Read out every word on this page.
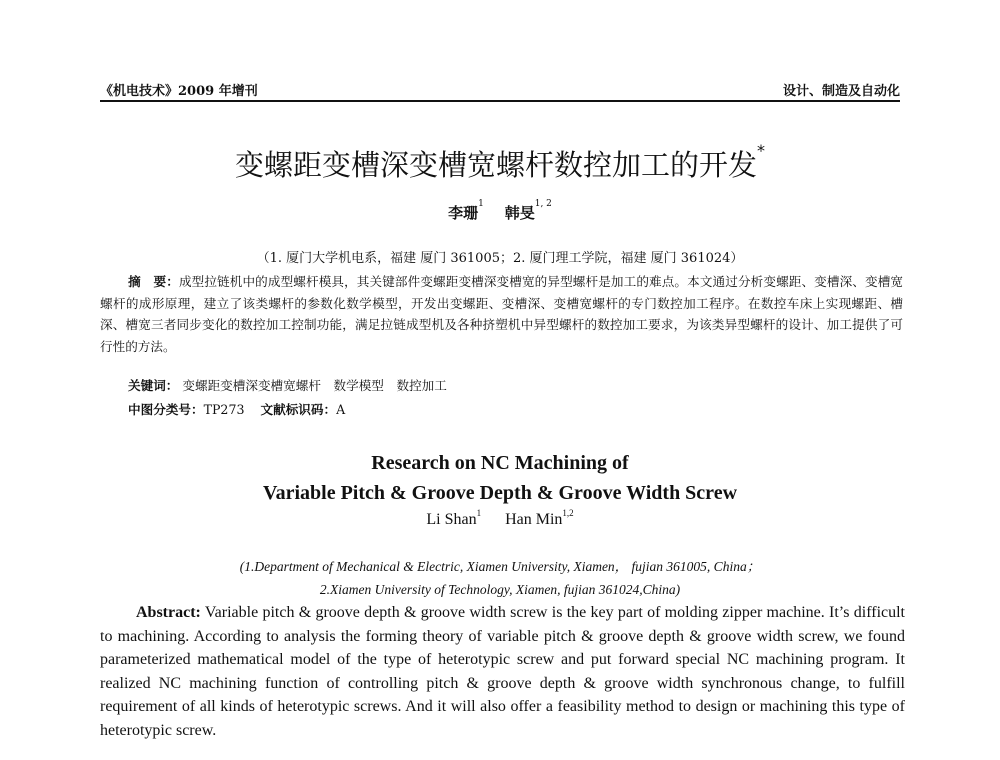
《机电技术》2009 年增刊	设计、制造及自动化
变螺距变槽深变槽宽螺杆数控加工的开发*
李珊$^1$ 韩旻$^{1, 2}$
（1. 厦门大学机电系，福建 厦门 361005；2. 厦门理工学院，福建 厦门 361024）
摘　要：成型拉链机中的成型螺杆模具，其关键部件变螺距变槽深变槽宽的异型螺杆是加工的难点。本文通过分析变螺距、变槽深、变槽宽螺杆的成形原理，建立了该类螺杆的参数化数学模型，开发出变螺距、变槽深、变槽宽螺杆的专门数控加工程序。在数控车床上实现螺距、槽深、槽宽三者同步变化的数控加工控制功能，满足拉链成型机及各种挤塑机中异型螺杆的数控加工要求，为该类异型螺杆的设计、加工提供了可行性的方法。
关键词： 变螺距变槽深变槽宽螺杆　数学模型　数控加工
中图分类号：TP273 文献标识码：A
Research on NC Machining of
Variable Pitch & Groove Depth & Groove Width Screw
Li Shan$^1$ Han Min$^{1,2}$
(1.Department of Mechanical & Electric, Xiamen University, Xiamen， fujian 361005, China；
2.Xiamen University of Technology, Xiamen, fujian 361024,China)
Abstract: Variable pitch & groove depth & groove width screw is the key part of molding zipper machine. It’s difficult to machining. According to analysis the forming theory of variable pitch & groove depth & groove width screw, we found parameterized mathematical model of the type of heterotypic screw and put forward special NC machining program. It realized NC machining function of controlling pitch & groove depth & groove width synchronous change, to fulfill requirement of all kinds of heterotypic screws. And it will also offer a feasibility method to design or machining this type of heterotypic screw.
